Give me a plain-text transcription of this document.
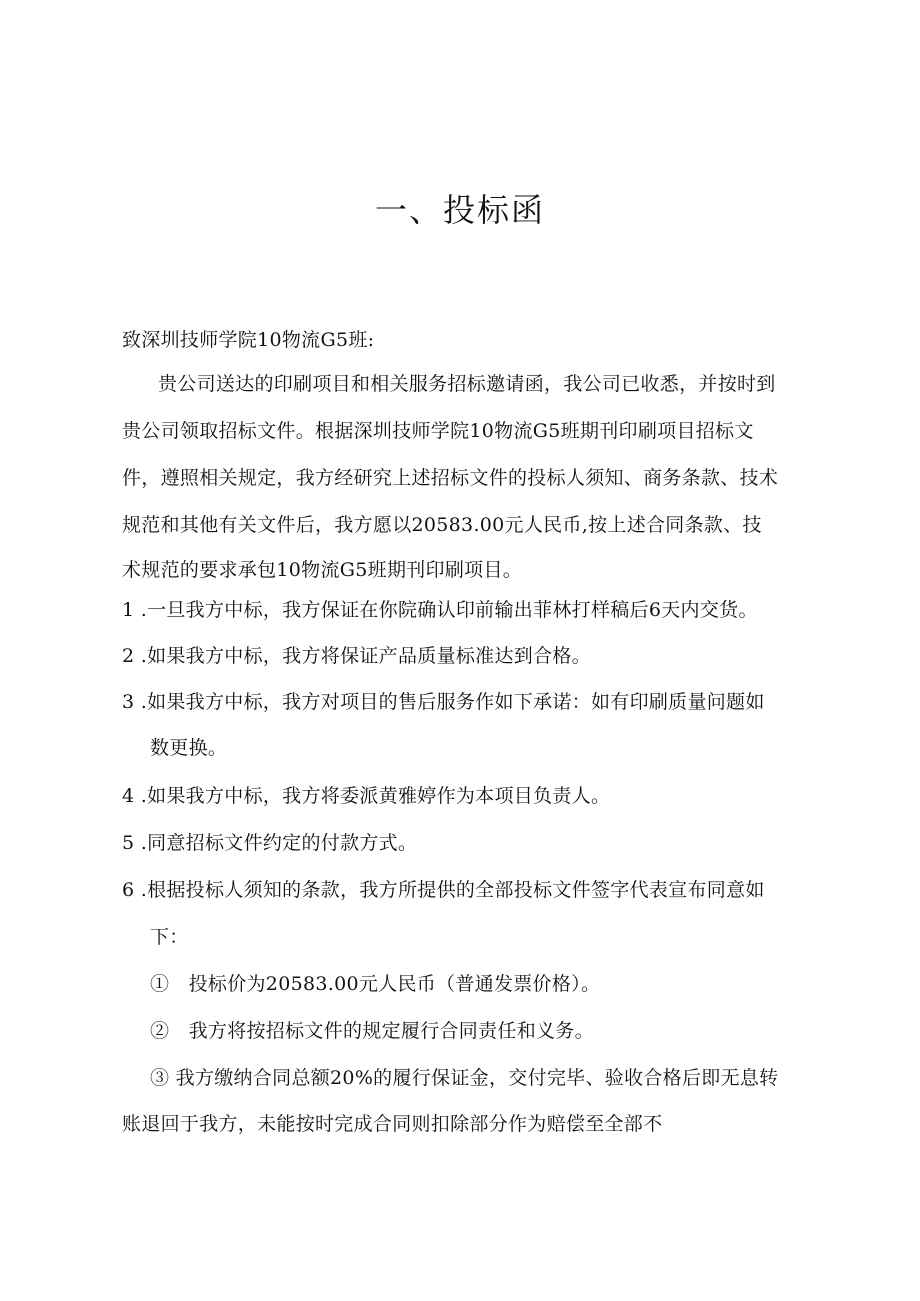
一、投标函
致深圳技师学院10物流G5班:
贵公司送达的印刷项目和相关服务招标邀请函，我公司已收悉，并按时到
贵公司领取招标文件。根据深圳技师学院10物流G5班期刊印刷项目招标文
件，遵照相关规定，我方经研究上述招标文件的投标人须知、商务条款、技术
规范和其他有关文件后，我方愿以20583.00元人民币,按上述合同条款、技
术规范的要求承包10物流G5班期刊印刷项目。
1 .一旦我方中标，我方保证在你院确认印前输出菲林打样稿后6天内交货。
2 .如果我方中标，我方将保证产品质量标准达到合格。
3 .如果我方中标，我方对项目的售后服务作如下承诺：如有印刷质量问题如
数更换。
4 .如果我方中标，我方将委派黄雅婷作为本项目负责人。
5 .同意招标文件约定的付款方式。
6 .根据投标人须知的条款，我方所提供的全部投标文件签字代表宣布同意如
下：
①　投标价为20583.00元人民币（普通发票价格）。
②　我方将按招标文件的规定履行合同责任和义务。
③ 我方缴纳合同总额20%的履行保证金，交付完毕、验收合格后即无息转
账退回于我方，未能按时完成合同则扣除部分作为赔偿至全部不
